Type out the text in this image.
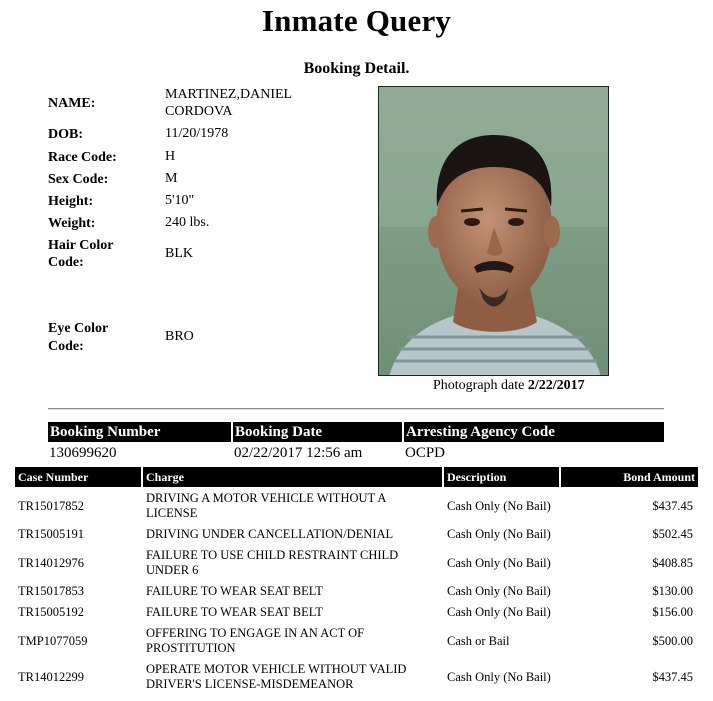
Inmate Query
Booking Detail.
NAME:
MARTINEZ,DANIEL
CORDOVA
DOB:	11/20/1978
Race Code:	H
Sex Code:	M
Height:	5'10"
Weight:	240 lbs.
Hair Color
Code:
BLK
Eye Color
Code:
BRO
Photograph date 2/22/2017
Booking Number	Booking Date	Arresting Agency Code
130699620	02/22/2017 12:56 am	OCPD
Case Number	Charge	Description	Bond Amount
TR15017852
DRIVING A MOTOR VEHICLE WITHOUT A
LICENSE	Cash Only (No Bail)	$437.45
TR15005191	DRIVING UNDER CANCELLATION/DENIAL	Cash Only (No Bail)	$502.45
TR14012976
FAILURE TO USE CHILD RESTRAINT CHILD
UNDER 6	Cash Only (No Bail)	$408.85
TR15017853	FAILURE TO WEAR SEAT BELT	Cash Only (No Bail)	$130.00
TR15005192	FAILURE TO WEAR SEAT BELT	Cash Only (No Bail)	$156.00
TMP1077059
OFFERING TO ENGAGE IN AN ACT OF
PROSTITUTION	Cash or Bail	$500.00
TR14012299
OPERATE MOTOR VEHICLE WITHOUT VALID
DRIVER'S LICENSE-MISDEMEANOR	Cash Only (No Bail)	$437.45
